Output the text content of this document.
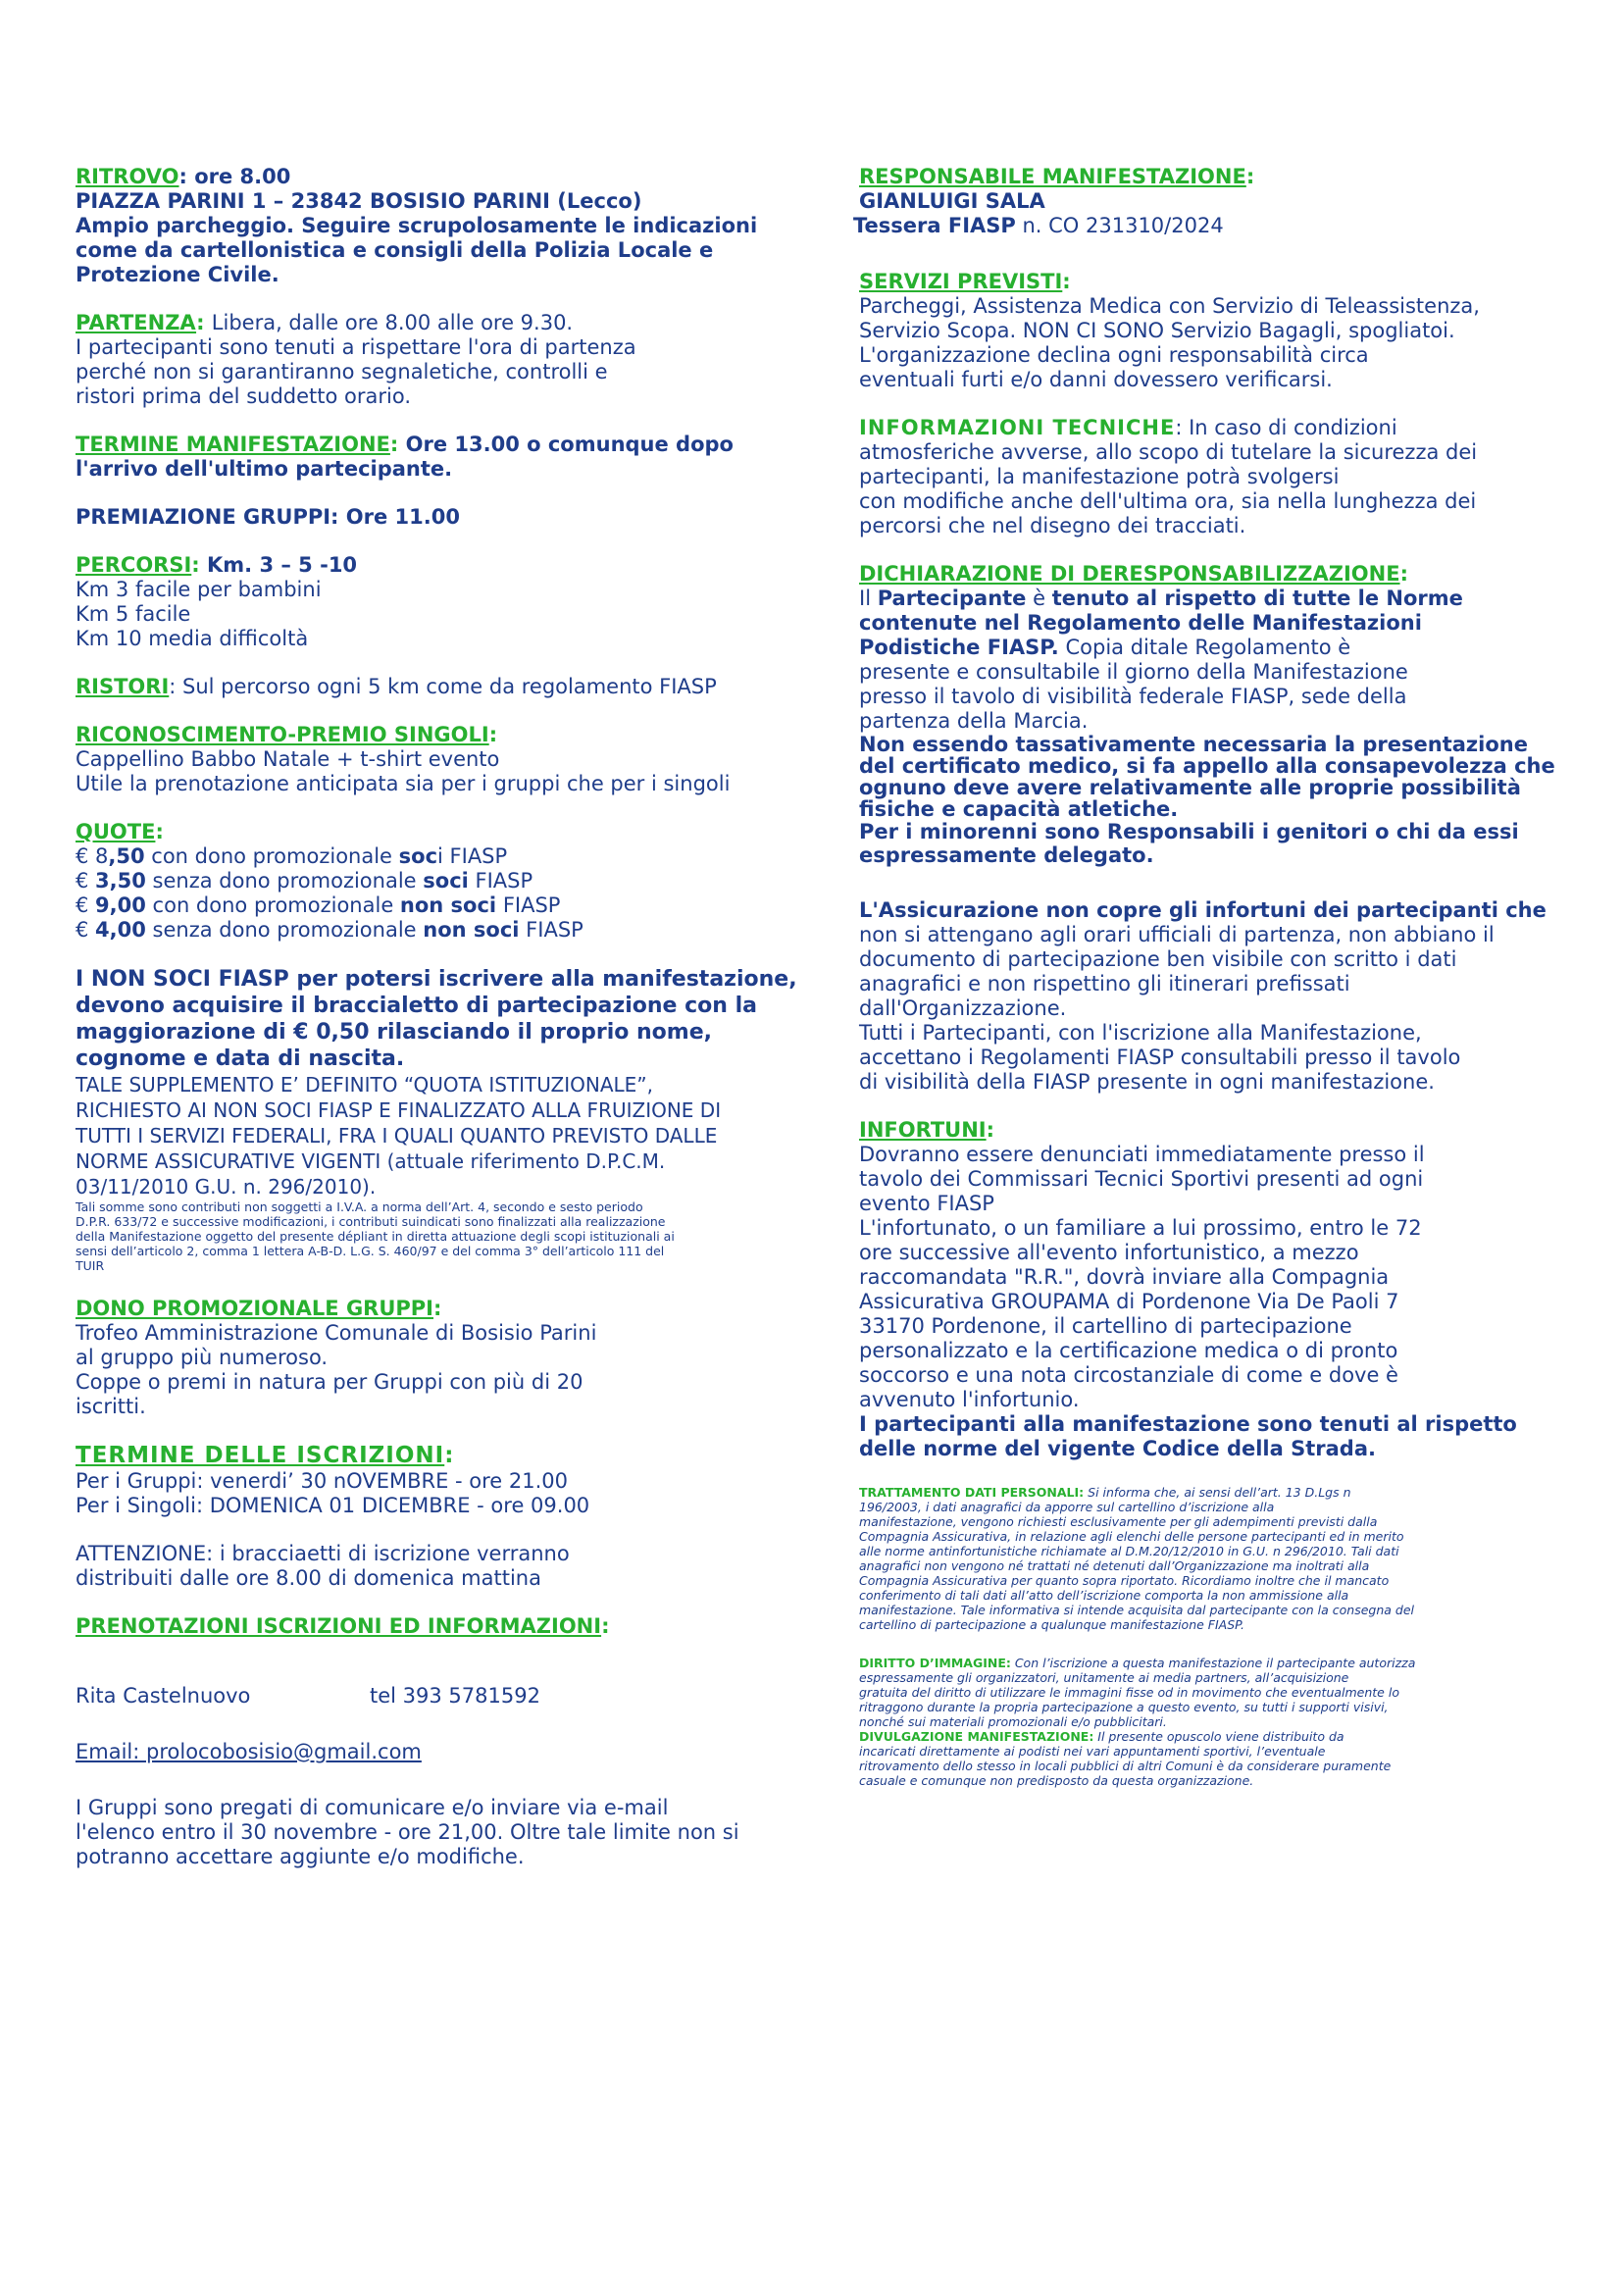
RITROVO: ore 8.00
PIAZZA PARINI 1 – 23842 BOSISIO PARINI (Lecco)
Ampio parcheggio. Seguire scrupolosamente le indicazioni
come da cartellonistica e consigli della Polizia Locale e
Protezione Civile.
PARTENZA: Libera, dalle ore 8.00 alle ore 9.30.
I partecipanti sono tenuti a rispettare l'ora di partenza
perché non si garantiranno segnaletiche, controlli e
ristori prima del suddetto orario.
TERMINE MANIFESTAZIONE: Ore 13.00 o comunque dopo
l'arrivo dell'ultimo partecipante.
PREMIAZIONE GRUPPI: Ore 11.00
PERCORSI: Km. 3 – 5 -10
Km 3 facile per bambini
Km 5 facile
Km 10 media difficoltà
RISTORI: Sul percorso ogni 5 km come da regolamento FIASP
RICONOSCIMENTO-PREMIO SINGOLI:
Cappellino Babbo Natale + t-shirt evento
Utile la prenotazione anticipata sia per i gruppi che per i singoli
QUOTE:
€ 8,50 con dono promozionale soci FIASP
€ 3,50 senza dono promozionale soci FIASP
€ 9,00 con dono promozionale non soci FIASP
€ 4,00 senza dono promozionale non soci FIASP
I NON SOCI FIASP per potersi iscrivere alla manifestazione,
devono acquisire il braccialetto di partecipazione con la
maggiorazione di € 0,50 rilasciando il proprio nome,
cognome e data di nascita.
TALE SUPPLEMENTO E’ DEFINITO “QUOTA ISTITUZIONALE”,
RICHIESTO AI NON SOCI FIASP E FINALIZZATO ALLA FRUIZIONE DI
TUTTI I SERVIZI FEDERALI, FRA I QUALI QUANTO PREVISTO DALLE
NORME ASSICURATIVE VIGENTI (attuale riferimento D.P.C.M.
03/11/2010 G.U. n. 296/2010).
Tali somme sono contributi non soggetti a I.V.A. a norma dell’Art. 4, secondo e sesto periodo
D.P.R. 633/72 e successive modificazioni, i contributi suindicati sono finalizzati alla realizzazione
della Manifestazione oggetto del presente dépliant in diretta attuazione degli scopi istituzionali ai
sensi dell’articolo 2, comma 1 lettera A-B-D. L.G. S. 460/97 e del comma 3° dell’articolo 111 del
TUIR
DONO PROMOZIONALE GRUPPI:
Trofeo Amministrazione Comunale di Bosisio Parini
al gruppo più numeroso.
Coppe o premi in natura per Gruppi con più di 20
iscritti.
TERMINE DELLE ISCRIZIONI:
Per i Gruppi: venerdi’ 30 nOVEMBRE - ore 21.00
Per i Singoli: DOMENICA 01 DICEMBRE - ore 09.00
ATTENZIONE: i bracciaetti di iscrizione verranno
distribuiti dalle ore 8.00 di domenica mattina
PRENOTAZIONI ISCRIZIONI ED INFORMAZIONI:
Rita Castelnuovo	tel 393 5781592
Email: prolocobosisio@gmail.com
I Gruppi sono pregati di comunicare e/o inviare via e-mail
l'elenco entro il 30 novembre - ore 21,00. Oltre tale limite non si
potranno accettare aggiunte e/o modifiche.
RESPONSABILE MANIFESTAZIONE:
GIANLUIGI SALA
Tessera FIASP n. CO 231310/2024
SERVIZI PREVISTI:
Parcheggi, Assistenza Medica con Servizio di Teleassistenza,
Servizio Scopa. NON CI SONO Servizio Bagagli, spogliatoi.
L'organizzazione declina ogni responsabilità circa
eventuali furti e/o danni dovessero verificarsi.
INFORMAZIONI TECNICHE: In caso di condizioni
atmosferiche avverse, allo scopo di tutelare la sicurezza dei
partecipanti, la manifestazione potrà svolgersi
con modifiche anche dell'ultima ora, sia nella lunghezza dei
percorsi che nel disegno dei tracciati.
DICHIARAZIONE DI DERESPONSABILIZZAZIONE:
Il Partecipante è tenuto al rispetto di tutte le Norme
contenute nel Regolamento delle Manifestazioni
Podistiche FIASP. Copia ditale Regolamento è
presente e consultabile il giorno della Manifestazione
presso il tavolo di visibilità federale FIASP, sede della
partenza della Marcia.
Non essendo tassativamente necessaria la presentazione
del certificato medico, si fa appello alla consapevolezza che
ognuno deve avere relativamente alle proprie possibilità
fisiche e capacità atletiche.
Per i minorenni sono Responsabili i genitori o chi da essi
espressamente delegato.
L'Assicurazione non copre gli infortuni dei partecipanti che
non si attengano agli orari ufficiali di partenza, non abbiano il
documento di partecipazione ben visibile con scritto i dati
anagrafici e non rispettino gli itinerari prefissati
dall'Organizzazione.
Tutti i Partecipanti, con l'iscrizione alla Manifestazione,
accettano i Regolamenti FIASP consultabili presso il tavolo
di visibilità della FIASP presente in ogni manifestazione.
INFORTUNI:
Dovranno essere denunciati immediatamente presso il
tavolo dei Commissari Tecnici Sportivi presenti ad ogni
evento FIASP
L'infortunato, o un familiare a lui prossimo, entro le 72
ore successive all'evento infortunistico, a mezzo
raccomandata "R.R.", dovrà inviare alla Compagnia
Assicurativa GROUPAMA di Pordenone Via De Paoli 7
33170 Pordenone, il cartellino di partecipazione
personalizzato e la certificazione medica o di pronto
soccorso e una nota circostanziale di come e dove è
avvenuto l'infortunio.
I partecipanti alla manifestazione sono tenuti al rispetto
delle norme del vigente Codice della Strada.
TRATTAMENTO DATI PERSONALI: Si informa che, ai sensi dell’art. 13 D.Lgs n
196/2003, i dati anagrafici da apporre sul cartellino d’iscrizione alla
manifestazione, vengono richiesti esclusivamente per gli adempimenti previsti dalla
Compagnia Assicurativa, in relazione agli elenchi delle persone partecipanti ed in merito
alle norme antinfortunistiche richiamate al D.M.20/12/2010 in G.U. n 296/2010. Tali dati
anagrafici non vengono né trattati né detenuti dall’Organizzazione ma inoltrati alla
Compagnia Assicurativa per quanto sopra riportato. Ricordiamo inoltre che il mancato
conferimento di tali dati all’atto dell’iscrizione comporta la non ammissione alla
manifestazione. Tale informativa si intende acquisita dal partecipante con la consegna del
cartellino di partecipazione a qualunque manifestazione FIASP.
DIRITTO D’IMMAGINE: Con l’iscrizione a questa manifestazione il partecipante autorizza
espressamente gli organizzatori, unitamente ai media partners, all’acquisizione
gratuita del diritto di utilizzare le immagini fisse od in movimento che eventualmente lo
ritraggono durante la propria partecipazione a questo evento, su tutti i supporti visivi,
nonché sui materiali promozionali e/o pubblicitari.
DIVULGAZIONE MANIFESTAZIONE: Il presente opuscolo viene distribuito da
incaricati direttamente ai podisti nei vari appuntamenti sportivi, l’eventuale
ritrovamento dello stesso in locali pubblici di altri Comuni è da considerare puramente
casuale e comunque non predisposto da questa organizzazione.
